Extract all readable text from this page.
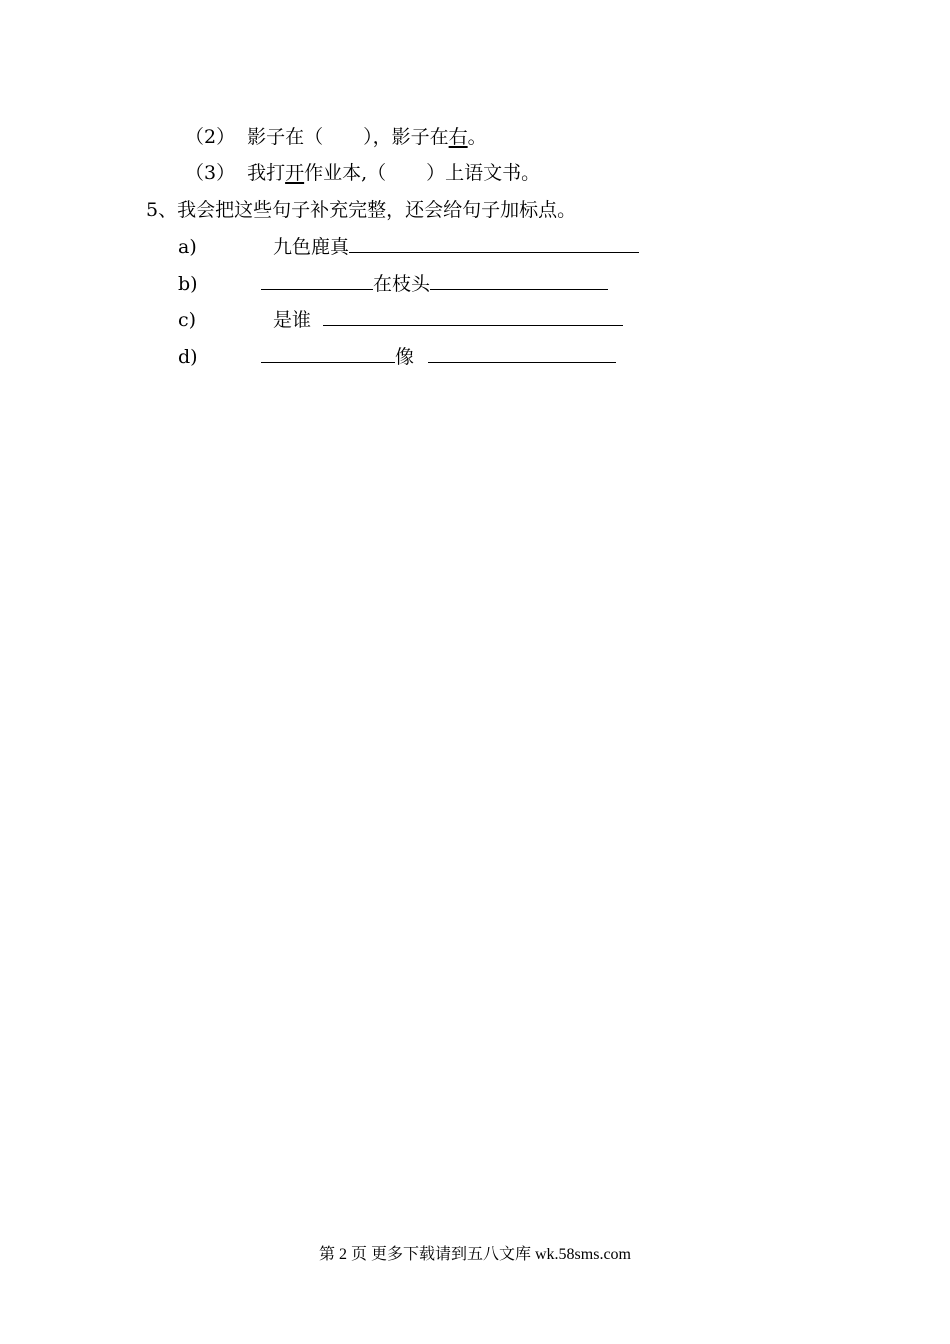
（2） 影子在（ ），影子在右。
（3） 我打开作业本,（ ）上语文书。
5、我会把这些句子补充完整，还会给句子加标点。
a)	九色鹿真
b)	在枝头
c)	是谁
d)	像
第 2 页 更多下载请到五八文库 wk.58sms.com
